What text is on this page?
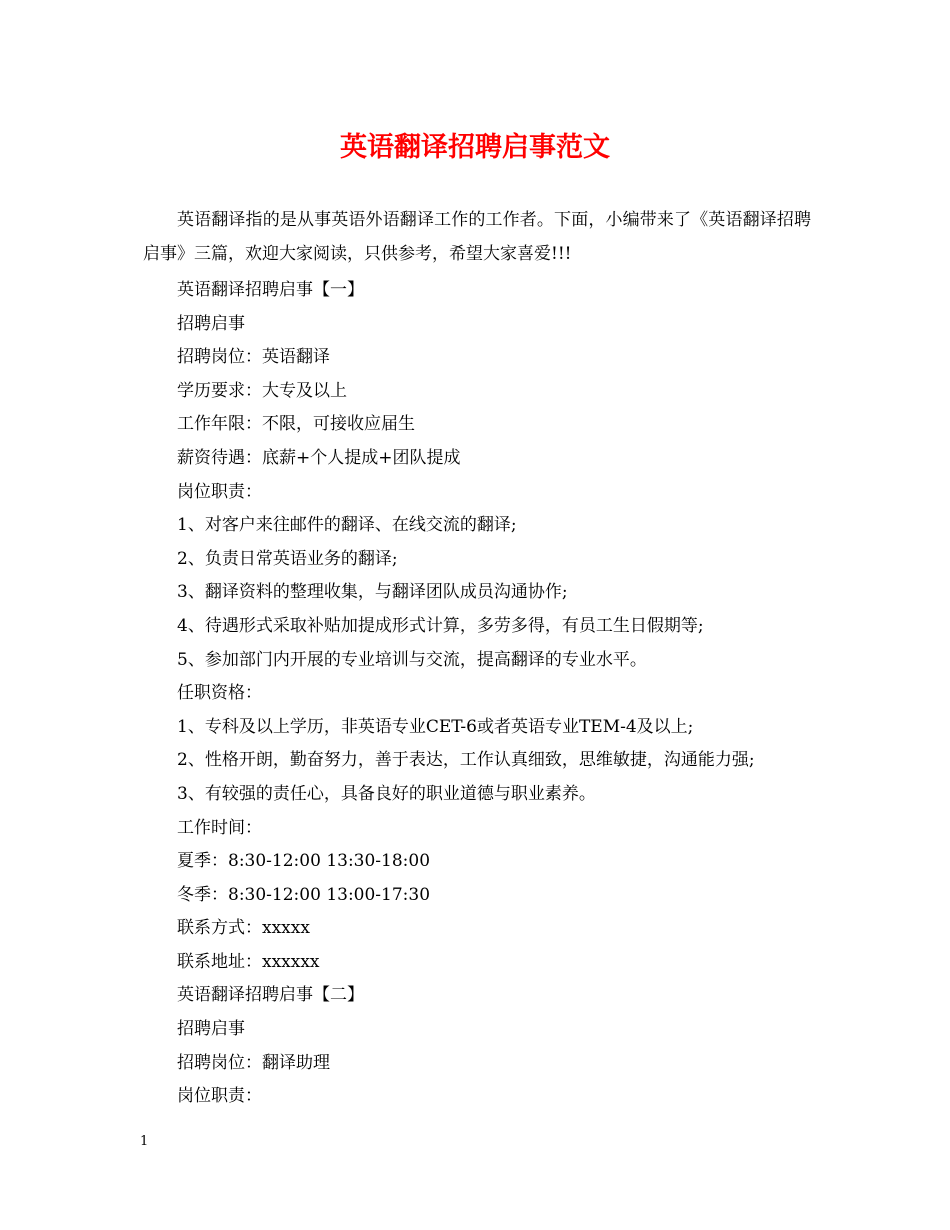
英语翻译招聘启事范文

英语翻译指的是从事英语外语翻译工作的工作者。下面，小编带来了《英语翻译招聘启事》三篇，欢迎大家阅读，只供参考，希望大家喜爱!!!

英语翻译招聘启事【一】
招聘启事
招聘岗位：英语翻译
学历要求：大专及以上
工作年限：不限，可接收应届生
薪资待遇：底薪+个人提成+团队提成
岗位职责：
1、对客户来往邮件的翻译、在线交流的翻译;
2、负责日常英语业务的翻译;
3、翻译资料的整理收集，与翻译团队成员沟通协作;
4、待遇形式采取补贴加提成形式计算，多劳多得，有员工生日假期等;
5、参加部门内开展的专业培训与交流，提高翻译的专业水平。
任职资格：
1、专科及以上学历，非英语专业CET-6或者英语专业TEM-4及以上;
2、性格开朗，勤奋努力，善于表达，工作认真细致，思维敏捷，沟通能力强;
3、有较强的责任心，具备良好的职业道德与职业素养。
工作时间：
夏季：8:30-12:00 13:30-18:00
冬季：8:30-12:00 13:00-17:30
联系方式：xxxxx
联系地址：xxxxxx
英语翻译招聘启事【二】
招聘启事
招聘岗位：翻译助理
岗位职责：
1
